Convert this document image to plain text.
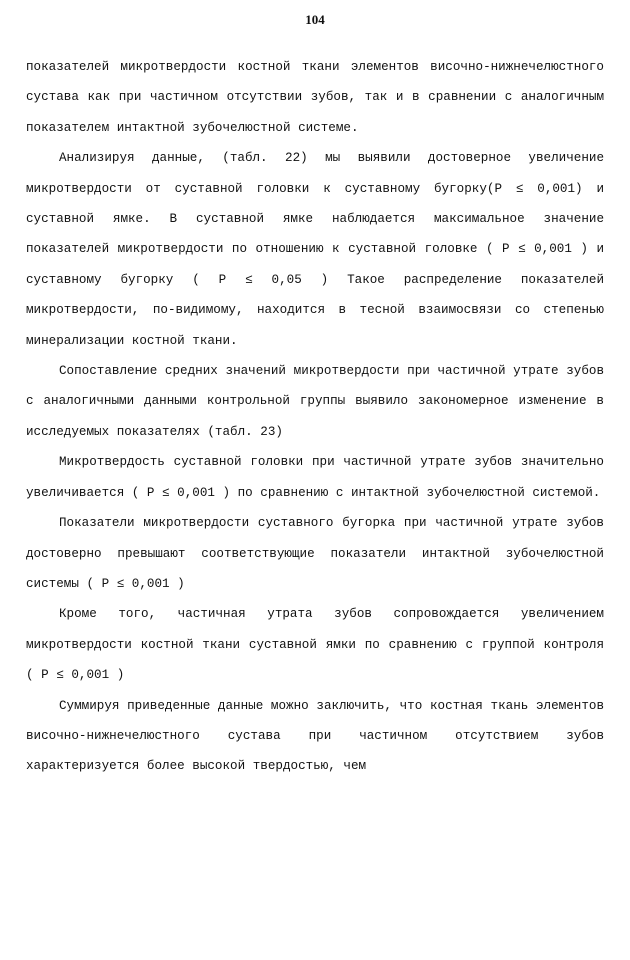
104

показателей микротвердости костной ткани элементов височно-нижнечелюстного сустава как при частичном отсутствии зубов, так и в сравнении с аналогичным показателем интактной зубочелюстной системе.

Анализируя данные, (табл. 22) мы выявили достоверное увеличение микротвердости от суставной головки к суставному бугорку(P ≤ 0,001) и суставной ямке. В суставной ямке наблюдается максимальное значение показателей микротвердости по отношению к суставной головке ( P ≤ 0,001 ) и суставному бугорку ( P ≤ 0,05 ) Такое распределение показателей микротвердости, по-видимому, находится в тесной взаимосвязи со степенью минерализации костной ткани.

Сопоставление средних значений микротвердости при частичной утрате зубов с аналогичными данными контрольной группы выявило закономерное изменение в исследуемых показателях (табл. 23)

Микротвердость суставной головки при частичной утрате зубов значительно увеличивается ( P ≤ 0,001 ) по сравнению с интактной зубочелюстной системой.

Показатели микротвердости суставного бугорка при частичной утрате зубов достоверно превышают соответствующие показатели интактной зубочелюстной системы ( P ≤ 0,001 )

Кроме того, частичная утрата зубов сопровождается увеличением микротвердости костной ткани суставной ямки по сравнению с группой контроля ( P ≤ 0,001 )

Суммируя приведенные данные можно заключить, что костная ткань элементов височно-нижнечелюстного сустава при частичном отсутствием зубов характеризуется более высокой твердостью, чем
